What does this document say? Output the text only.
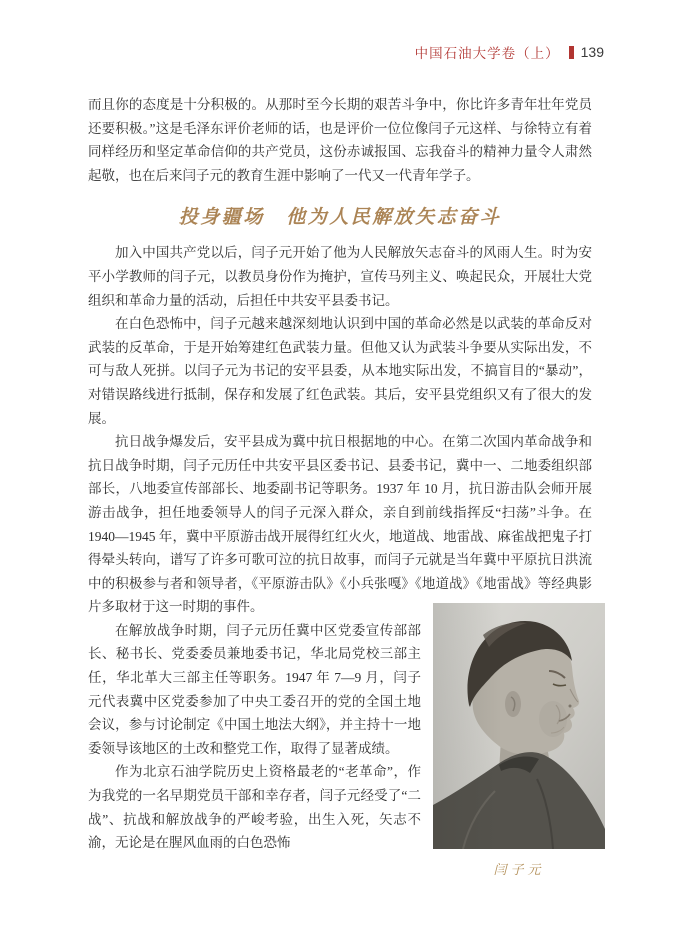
中国石油大学卷（上） 139

而且你的态度是十分积极的。从那时至今长期的艰苦斗争中，你比许多青年壮年党员还要积极。”这是毛泽东评价老师的话，也是评价一位位像闫子元这样、与徐特立有着同样经历和坚定革命信仰的共产党员，这份赤诚报国、忘我奋斗的精神力量令人肃然起敬，也在后来闫子元的教育生涯中影响了一代又一代青年学子。

投身疆场　他为人民解放矢志奋斗

加入中国共产党以后，闫子元开始了他为人民解放矢志奋斗的风雨人生。时为安平小学教师的闫子元，以教员身份作为掩护，宣传马列主义、唤起民众，开展壮大党组织和革命力量的活动，后担任中共安平县委书记。

在白色恐怖中，闫子元越来越深刻地认识到中国的革命必然是以武装的革命反对武装的反革命，于是开始筹建红色武装力量。但他又认为武装斗争要从实际出发，不可与敌人死拼。以闫子元为书记的安平县委，从本地实际出发，不搞盲目的“暴动”，对错误路线进行抵制，保存和发展了红色武装。其后，安平县党组织又有了很大的发展。

抗日战争爆发后，安平县成为冀中抗日根据地的中心。在第二次国内革命战争和抗日战争时期，闫子元历任中共安平县区委书记、县委书记，冀中一、二地委组织部部长，八地委宣传部部长、地委副书记等职务。1937 年 10 月，抗日游击队会师开展游击战争，担任地委领导人的闫子元深入群众，亲自到前线指挥反“扫荡”斗争。在1940—1945 年，冀中平原游击战开展得红红火火，地道战、地雷战、麻雀战把鬼子打得晕头转向，谱写了许多可歌可泣的抗日故事，而闫子元就是当年冀中平原抗日洪流中的积极参与者和领导者，《平原游击队》《小兵张嘎》《地道战》《地雷战》等经典影片多取材于这一时期的事件。

闫子元

在解放战争时期，闫子元历任冀中区党委宣传部部长、秘书长、党委委员兼地委书记，华北局党校三部主任，华北革大三部主任等职务。1947 年 7—9 月，闫子元代表冀中区党委参加了中央工委召开的党的全国土地会议，参与讨论制定《中国土地法大纲》，并主持十一地委领导该地区的土改和整党工作，取得了显著成绩。

作为北京石油学院历史上资格最老的“老革命”，作为我党的一名早期党员干部和幸存者，闫子元经受了“二战”、抗战和解放战争的严峻考验，出生入死，矢志不渝，无论是在腥风血雨的白色恐怖
